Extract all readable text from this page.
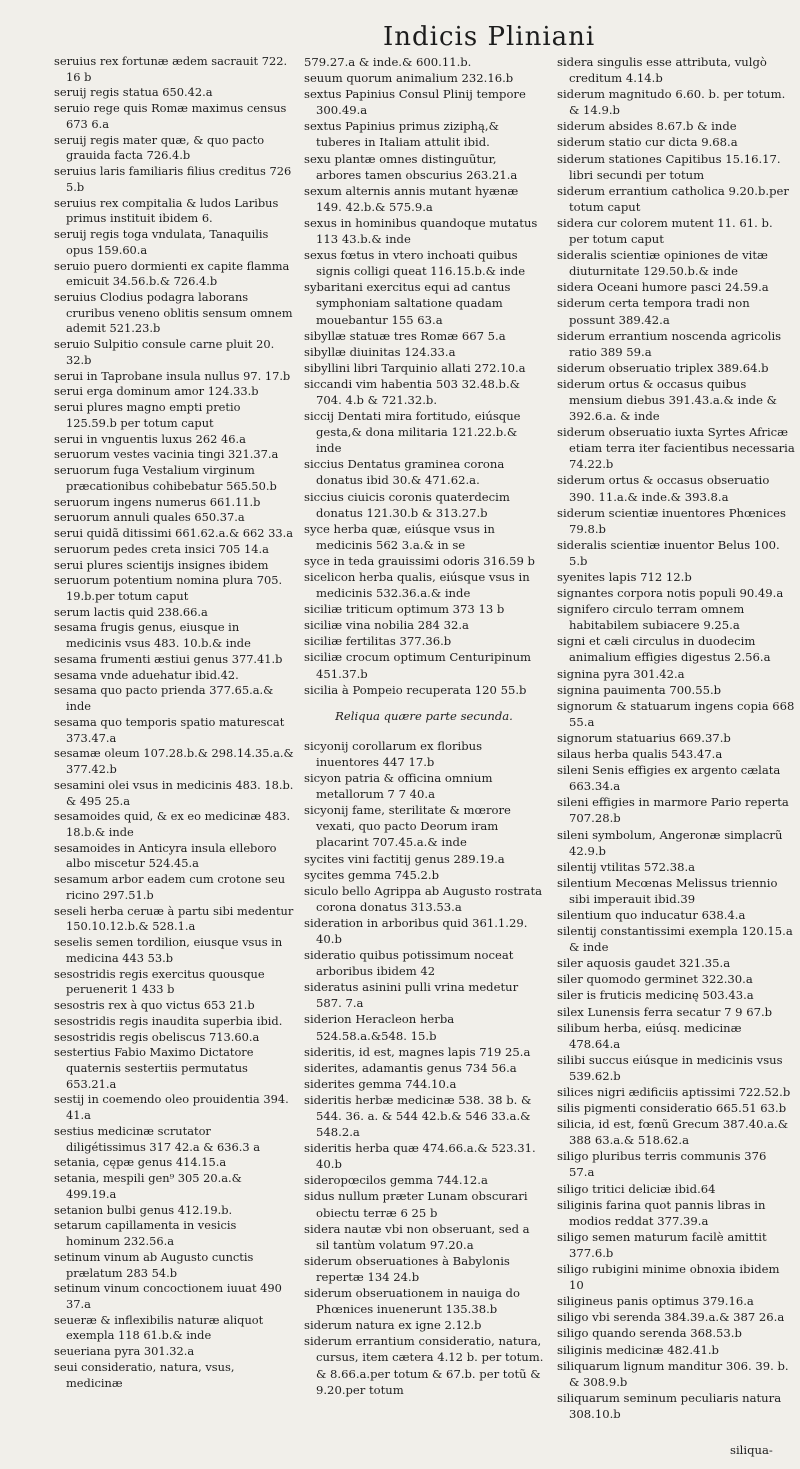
Indicis Pliniani

seruius rex fortunæ ædem sacrauit 722. 16 b

seruij regis statua 650.42.a

seruio rege quis Romæ maximus census 673 6.a

seruij regis mater quæ, & quo pacto grauida facta 726.4.b

seruius laris familiaris filius creditus 726 5.b

seruius rex compitalia & ludos Laribus primus instituit ibidem 6.

seruij regis toga vndulata, Tanaquilis opus 159.60.a

seruio puero dormienti ex capite flamma emicuit 34.56.b.& 726.4.b

seruius Clodius podagra laborans cruribus veneno oblitis sensum omnem ademit 521.23.b

seruio Sulpitio consule carne pluit 20. 32.b

serui in Taprobane insula nullus 97. 17.b

serui erga dominum amor 124.33.b

serui plures magno empti pretio 125.59.b per totum caput

serui in vnguentis luxus 262 46.a

seruorum vestes vacinia tingi 321.37.a

seruorum fuga Vestalium virginum præcationibus cohibebatur 565.50.b

seruorum ingens numerus 661.11.b

seruorum annuli quales 650.37.a

serui quidã ditissimi 661.62.a.& 662 33.a

seruorum pedes creta insici 705 14.a

serui plures scientijs insignes ibidem

seruorum potentium nomina plura 705. 19.b.per totum caput

serum lactis quid 238.66.a

sesama frugis genus, eiusque in medicinis vsus 483. 10.b.& inde

sesama frumenti æstiui genus 377.41.b

sesama vnde aduehatur ibid.42.

sesama quo pacto prienda 377.65.a.& inde

sesama quo temporis spatio maturescat 373.47.a

sesamæ oleum 107.28.b.& 298.14.35.a.& 377.42.b

sesamini olei vsus in medicinis 483. 18.b. & 495 25.a

sesamoides quid, & ex eo medicinæ 483. 18.b.& inde

sesamoides in Anticyra insula elleboro albo miscetur 524.45.a

sesamum arbor eadem cum crotone seu ricino 297.51.b

seseli herba ceruæ à partu sibi medentur 150.10.12.b.& 528.1.a

seselis semen tordilion, eiusque vsus in medicina 443 53.b

sesostridis regis exercitus quousque peruenerit 1 433 b

sesostris rex à quo victus 653 21.b

sesostridis regis inaudita superbia ibid.

sesostridis regis obeliscus 713.60.a

sestertius Fabio Maximo Dictatore quaternis sestertiis permutatus 653.21.a

sestij in coemendo oleo prouidentia 394. 41.a

sestius medicinæ scrutator diligétissimus 317 42.a & 636.3 a

setania, cępæ genus 414.15.a

setania, mespili gen⁹ 305 20.a.& 499.19.a

setanion bulbi genus 412.19.b.

setarum capillamenta in vesicis hominum 232.56.a

setinum vinum ab Augusto cunctis prælatum 283 54.b

setinum vinum concoctionem iuuat 490 37.a

seueræ & inflexibilis naturæ aliquot exempla 118 61.b.& inde

seueriana pyra 301.32.a

seui consideratio, natura, vsus, medicinæ

579.27.a & inde.& 600.11.b.

seuum quorum animalium 232.16.b

sextus Papinius Consul Plinij tempore 300.49.a

sextus Papinius primus ziziphą,& tuberes in Italiam attulit ibid.

sexu plantæ omnes distinguũtur, arbores tamen obscurius 263.21.a

sexum alternis annis mutant hyænæ 149. 42.b.& 575.9.a

sexus in hominibus quandoque mutatus 113 43.b.& inde

sexus fœtus in vtero inchoati quibus signis colligi queat 116.15.b.& inde

sybaritani exercitus equi ad cantus symphoniam saltatione quadam mouebantur 155 63.a

sibyllæ statuæ tres Romæ 667 5.a

sibyllæ diuinitas 124.33.a

sibyllini libri Tarquinio allati 272.10.a

siccandi vim habentia 503 32.48.b.& 704. 4.b & 721.32.b.

siccij Dentati mira fortitudo, eiúsque gesta,& dona militaria 121.22.b.& inde

siccius Dentatus graminea corona donatus ibid 30.& 471.62.a.

siccius ciuicis coronis quaterdecim donatus 121.30.b & 313.27.b

syce herba quæ, eiúsque vsus in medicinis 562 3.a.& in se

syce in teda grauissimi odoris 316.59 b

sicelicon herba qualis, eiúsque vsus in medicinis 532.36.a.& inde

siciliæ triticum optimum 373 13 b

siciliæ vina nobilia 284 32.a

siciliæ fertilitas 377.36.b

siciliæ crocum optimum Centuripinum 451.37.b

sicilia à Pompeio recuperata 120 55.b

Reliqua quære parte secunda.

sicyonij corollarum ex floribus inuentores 447 17.b

sicyon patria & officina omnium metallorum 7 7 40.a

sicyonij fame, sterilitate & mœrore vexati, quo pacto Deorum iram placarint 707.45.a.& inde

sycites vini factitij genus 289.19.a

sycites gemma 745.2.b

siculo bello Agrippa ab Augusto rostrata corona donatus 313.53.a

sideration in arboribus quid 361.1.29. 40.b

sideratio quibus potissimum noceat arboribus ibidem 42

sideratus asinini pulli vrina medetur 587. 7.a

siderion Heracleon herba 524.58.a.&548. 15.b

sideritis, id est, magnes lapis 719 25.a

siderites, adamantis genus 734 56.a

siderites gemma 744.10.a

sideritis herbæ medicinæ 538. 38 b. & 544. 36. a. & 544 42.b.& 546 33.a.& 548.2.a

sideritis herba quæ 474.66.a.& 523.31. 40.b

sideropœcilos gemma 744.12.a

sidus nullum præter Lunam obscurari obiectu terræ 6 25 b

sidera nautæ vbi non obseruant, sed a sil tantùm volatum 97.20.a

siderum obseruationes à Babylonis repertæ 134 24.b

siderum obseruationem in nauiga do Phœnices inuenerunt 135.38.b

siderum natura ex igne 2.12.b

siderum errantium consideratio, natura, cursus, item cætera 4.12 b. per totum. & 8.66.a.per totum & 67.b. per totũ & 9.20.per totum

sidera singulis esse attributa, vulgò creditum 4.14.b

siderum magnitudo 6.60. b. per totum. & 14.9.b

siderum absides 8.67.b & inde

siderum statio cur dicta 9.68.a

siderum stationes Capitibus 15.16.17. libri secundi per totum

siderum errantium catholica 9.20.b.per totum caput

sidera cur colorem mutent 11. 61. b. per totum caput

sideralis scientiæ opiniones de vitæ diuturnitate 129.50.b.& inde

sidera Oceani humore pasci 24.59.a

siderum certa tempora tradi non possunt 389.42.a

siderum errantium noscenda agricolis ratio 389 59.a

siderum obseruatio triplex 389.64.b

siderum ortus & occasus quibus mensium diebus 391.43.a.& inde & 392.6.a. & inde

siderum obseruatio iuxta Syrtes Africæ etiam terra iter facientibus necessaria 74.22.b

siderum ortus & occasus obseruatio 390. 11.a.& inde.& 393.8.a

siderum scientiæ inuentores Phœnices 79.8.b

sideralis scientiæ inuentor Belus 100. 5.b

syenites lapis 712 12.b

signantes corpora notis populi 90.49.a

signifero circulo terram omnem habitabilem subiacere 9.25.a

signi et cæli circulus in duodecim animalium effigies digestus 2.56.a

signina pyra 301.42.a

signina pauimenta 700.55.b

signorum & statuarum ingens copia 668 55.a

signorum statuarius 669.37.b

silaus herba qualis 543.47.a

sileni Senis effigies ex argento cælata 663.34.a

sileni effigies in marmore Pario reperta 707.28.b

sileni symbolum, Angeronæ simplacrũ 42.9.b

silentij vtilitas 572.38.a

silentium Mecœnas Melissus triennio sibi imperauit ibid.39

silentium quo inducatur 638.4.a

silentij constantissimi exempla 120.15.a & inde

siler aquosis gaudet 321.35.a

siler quomodo germinet 322.30.a

siler is fruticis medicinę 503.43.a

silex Lunensis ferra secatur 7 9 67.b

silibum herba, eiúsq. medicinæ 478.64.a

silibi succus eiúsque in medicinis vsus 539.62.b

silices nigri ædificiis aptissimi 722.52.b

silis pigmenti consideratio 665.51 63.b

silicia, id est, fœnũ Grecum 387.40.a.& 388 63.a.& 518.62.a

siligo pluribus terris communis 376 57.a

siligo tritici deliciæ ibid.64

siliginis farina quot pannis libras in modios reddat 377.39.a

siligo semen maturum facilè amittit 377.6.b

siligo rubigini minime obnoxia ibidem 10

siligineus panis optimus 379.16.a

siligo vbi serenda 384.39.a.& 387 26.a

siligo quando serenda 368.53.b

siliginis medicinæ 482.41.b

siliquarum lignum manditur 306. 39. b. & 308.9.b

siliquarum seminum peculiaris natura 308.10.b

siliqua-
